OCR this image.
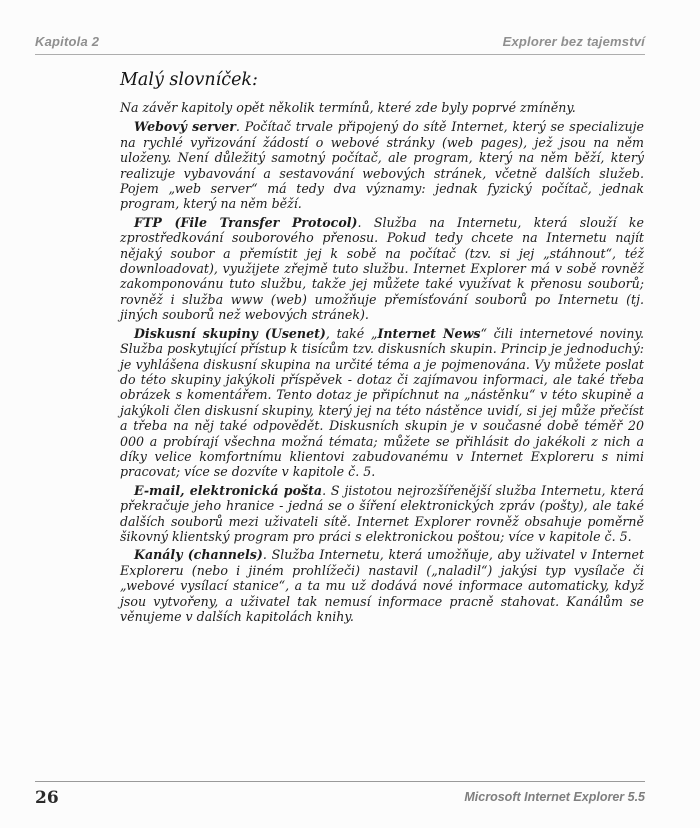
Kapitola 2	Explorer bez tajemství
Malý slovníček:

Na závěr kapitoly opět několik termínů, které zde byly poprvé zmíněny.

Webový server. Počítač trvale připojený do sítě Internet, který se specializuje na rychlé vyřizování žádostí o webové stránky (web pages), jež jsou na něm uloženy. Není důležitý samotný počítač, ale program, který na něm běží, který realizuje vybavování a sestavování webových stránek, včetně dalších služeb. Pojem „web server“ má tedy dva významy: jednak fyzický počítač, jednak program, který na něm běží.

FTP (File Transfer Protocol). Služba na Internetu, která slouží ke zprostředkování souborového přenosu. Pokud tedy chcete na Internetu najít nějaký soubor a přemístit jej k sobě na počítač (tzv. si jej „stáhnout“, též downloadovat), využijete zřejmě tuto službu. Internet Explorer má v sobě rovněž zakomponovánu tuto službu, takže jej můžete také využívat k přenosu souborů; rovněž i služba www (web) umožňuje přemísťování souborů po Internetu (tj. jiných souborů než webových stránek).

Diskusní skupiny (Usenet), také „Internet News“ čili internetové noviny. Služba poskytující přístup k tisícům tzv. diskusních skupin. Princip je jednoduchý: je vyhlášena diskusní skupina na určité téma a je pojmenována. Vy můžete poslat do této skupiny jakýkoli příspěvek - dotaz či zajímavou informaci, ale také třeba obrázek s komentářem. Tento dotaz je připíchnut na „nástěnku“ v této skupině a jakýkoli člen diskusní skupiny, který jej na této nástěnce uvidí, si jej může přečíst a třeba na něj také odpovědět. Diskusních skupin je v současné době téměř 20 000 a probírají všechna možná témata; můžete se přihlásit do jakékoli z nich a díky velice komfortnímu klientovi zabudovanému v Internet Exploreru s nimi pracovat; více se dozvíte v kapitole č. 5.

E-mail, elektronická pošta. S jistotou nejrozšířenější služba Internetu, která překračuje jeho hranice - jedná se o šíření elektronických zpráv (pošty), ale také dalších souborů mezi uživateli sítě. Internet Explorer rovněž obsahuje poměrně šikovný klientský program pro práci s elektronickou poštou; více v kapitole č. 5.

Kanály (channels). Služba Internetu, která umožňuje, aby uživatel v Internet Exploreru (nebo i jiném prohlížeči) nastavil („naladil“) jakýsi typ vysílače či „webové vysílací stanice“, a ta mu už dodává nové informace automaticky, když jsou vytvořeny, a uživatel tak nemusí informace pracně stahovat. Kanálům se věnujeme v dalších kapitolách knihy.

26	Microsoft Internet Explorer 5.5
